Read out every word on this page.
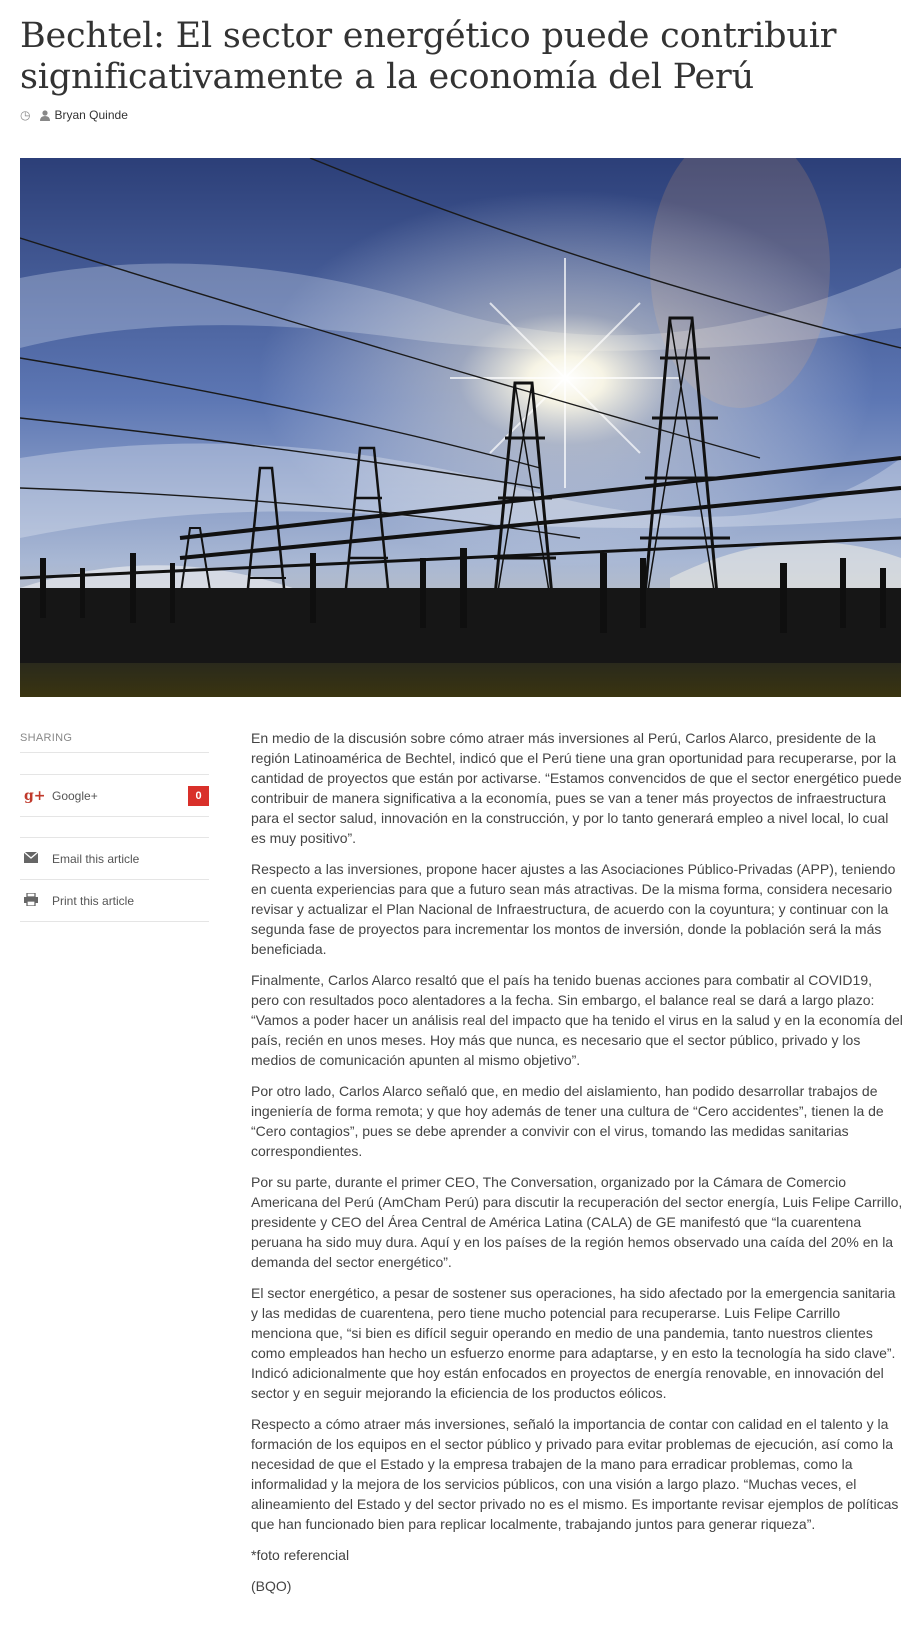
Bechtel: El sector energético puede contribuir significativamente a la economía del Perú
◷ Bryan Quinde
SHARING
g+ Google+	0
Email this article
Print this article

En medio de la discusión sobre cómo atraer más inversiones al Perú, Carlos Alarco, presidente de la región Latinoamérica de Bechtel, indicó que el Perú tiene una gran oportunidad para recuperarse, por la cantidad de proyectos que están por activarse. “Estamos convencidos de que el sector energético puede contribuir de manera significativa a la economía, pues se van a tener más proyectos de infraestructura para el sector salud, innovación en la construcción, y por lo tanto generará empleo a nivel local, lo cual es muy positivo”.

Respecto a las inversiones, propone hacer ajustes a las Asociaciones Público-Privadas (APP), teniendo en cuenta experiencias para que a futuro sean más atractivas. De la misma forma, considera necesario revisar y actualizar el Plan Nacional de Infraestructura, de acuerdo con la coyuntura; y continuar con la segunda fase de proyectos para incrementar los montos de inversión, donde la población será la más beneficiada.

Finalmente, Carlos Alarco resaltó que el país ha tenido buenas acciones para combatir al COVID19, pero con resultados poco alentadores a la fecha. Sin embargo, el balance real se dará a largo plazo: “Vamos a poder hacer un análisis real del impacto que ha tenido el virus en la salud y en la economía del país, recién en unos meses. Hoy más que nunca, es necesario que el sector público, privado y los medios de comunicación apunten al mismo objetivo”.

Por otro lado, Carlos Alarco señaló que, en medio del aislamiento, han podido desarrollar trabajos de ingeniería de forma remota; y que hoy además de tener una cultura de “Cero accidentes”, tienen la de “Cero contagios”, pues se debe aprender a convivir con el virus, tomando las medidas sanitarias correspondientes.

Por su parte, durante el primer CEO, The Conversation, organizado por la Cámara de Comercio Americana del Perú (AmCham Perú) para discutir la recuperación del sector energía, Luis Felipe Carrillo, presidente y CEO del Área Central de América Latina (CALA) de GE manifestó que “la cuarentena peruana ha sido muy dura. Aquí y en los países de la región hemos observado una caída del 20% en la demanda del sector energético”.

El sector energético, a pesar de sostener sus operaciones, ha sido afectado por la emergencia sanitaria y las medidas de cuarentena, pero tiene mucho potencial para recuperarse. Luis Felipe Carrillo menciona que, “si bien es difícil seguir operando en medio de una pandemia, tanto nuestros clientes como empleados han hecho un esfuerzo enorme para adaptarse, y en esto la tecnología ha sido clave”. Indicó adicionalmente que hoy están enfocados en proyectos de energía renovable, en innovación del sector y en seguir mejorando la eficiencia de los productos eólicos.

Respecto a cómo atraer más inversiones, señaló la importancia de contar con calidad en el talento y la formación de los equipos en el sector público y privado para evitar problemas de ejecución, así como la necesidad de que el Estado y la empresa trabajen de la mano para erradicar problemas, como la informalidad y la mejora de los servicios públicos, con una visión a largo plazo. “Muchas veces, el alineamiento del Estado y del sector privado no es el mismo. Es importante revisar ejemplos de políticas que han funcionado bien para replicar localmente, trabajando juntos para generar riqueza”.

*foto referencial

(BQO)
